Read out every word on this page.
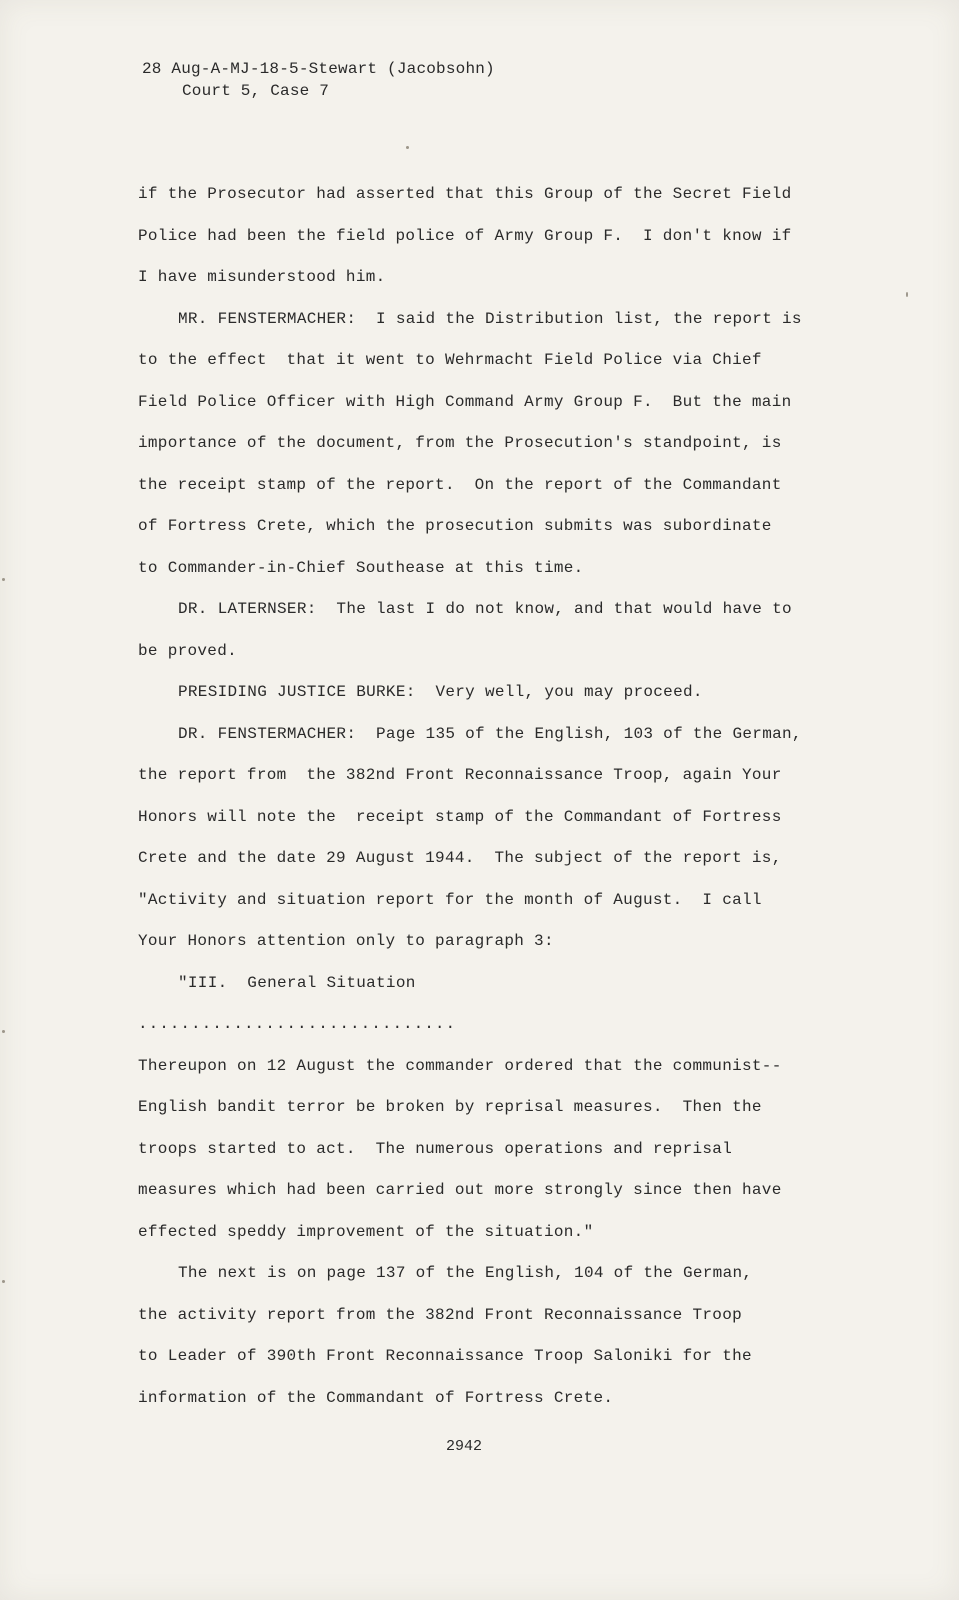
28 Aug-A-MJ-18-5-Stewart (Jacobsohn)
Court 5, Case 7
if the Prosecutor had asserted that this Group of the Secret Field
Police had been the field police of Army Group F.  I don't know if
I have misunderstood him.
MR. FENSTERMACHER:  I said the Distribution list, the report is
to the effect  that it went to Wehrmacht Field Police via Chief
Field Police Officer with High Command Army Group F.  But the main
importance of the document, from the Prosecution's standpoint, is
the receipt stamp of the report.  On the report of the Commandant
of Fortress Crete, which the prosecution submits was subordinate
to Commander-in-Chief Southease at this time.
DR. LATERNSER:  The last I do not know, and that would have to
be proved.
PRESIDING JUSTICE BURKE:  Very well, you may proceed.
DR. FENSTERMACHER:  Page 135 of the English, 103 of the German,
the report from  the 382nd Front Reconnaissance Troop, again Your
Honors will note the  receipt stamp of the Commandant of Fortress
Crete and the date 29 August 1944.  The subject of the report is,
"Activity and situation report for the month of August.  I call
Your Honors attention only to paragraph 3:
"III.  General Situation
..............................
Thereupon on 12 August the commander ordered that the communist--
English bandit terror be broken by reprisal measures.  Then the
troops started to act.  The numerous operations and reprisal
measures which had been carried out more strongly since then have
effected speddy improvement of the situation."
The next is on page 137 of the English, 104 of the German,
the activity report from the 382nd Front Reconnaissance Troop
to Leader of 390th Front Reconnaissance Troop Saloniki for the
information of the Commandant of Fortress Crete.
2942
